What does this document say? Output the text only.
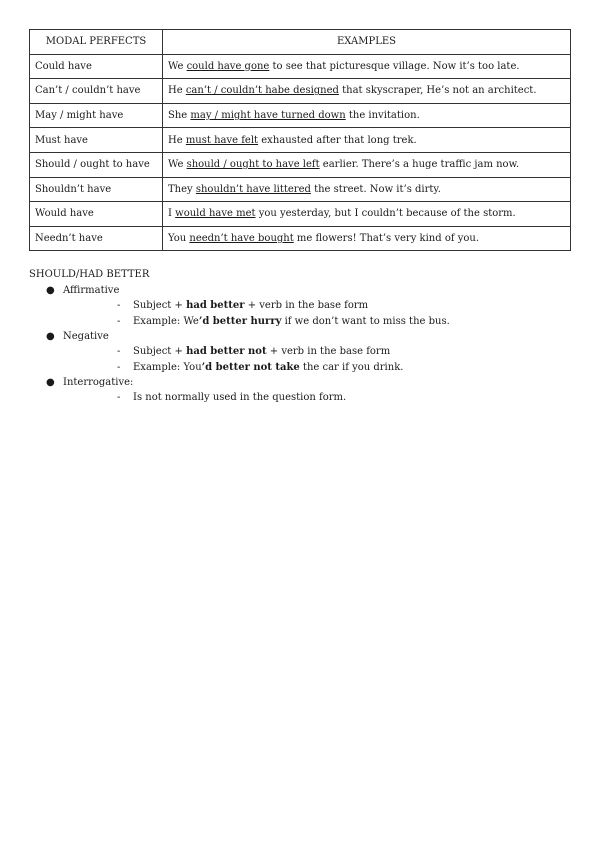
MODAL PERFECTS	EXAMPLES
Could have	We could have gone to see that picturesque village. Now it’s too late.
Can’t / couldn’t have	He can’t / couldn’t habe designed that skyscraper, He’s not an architect.
May / might have	She may / might have turned down the invitation.
Must have	He must have felt exhausted after that long trek.
Should / ought to have	We should / ought to have left earlier. There’s a huge traffic jam now.
Shouldn’t have	They shouldn’t have littered the street. Now it’s dirty.
Would have	I would have met you yesterday, but I couldn’t because of the storm.
Needn’t have	You needn’t have bought me flowers! That’s very kind of you.
SHOULD/HAD BETTER
● Affirmative
- Subject + had better + verb in the base form
- Example: We’d better hurry if we don’t want to miss the bus.
● Negative
- Subject + had better not + verb in the base form
- Example: You’d better not take the car if you drink.
● Interrogative:
- Is not normally used in the question form.
